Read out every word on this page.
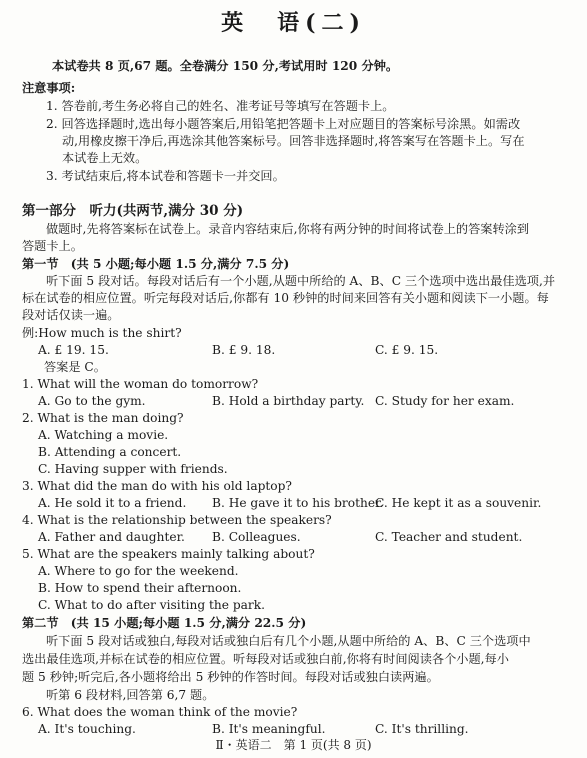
英　语(二)
本试卷共 8 页,67 题。全卷满分 150 分,考试用时 120 分钟。
注意事项:
1. 答卷前,考生务必将自己的姓名、准考证号等填写在答题卡上。
2. 回答选择题时,选出每小题答案后,用铅笔把答题卡上对应题目的答案标号涂黑。如需改
动,用橡皮擦干净后,再选涂其他答案标号。回答非选择题时,将答案写在答题卡上。写在
本试卷上无效。
3. 考试结束后,将本试卷和答题卡一并交回。
第一部分　听力(共两节,满分 30 分)
做题时,先将答案标在试卷上。录音内容结束后,你将有两分钟的时间将试卷上的答案转涂到
答题卡上。
第一节　(共 5 小题;每小题 1.5 分,满分 7.5 分)
听下面 5 段对话。每段对话后有一个小题,从题中所给的 A、B、C 三个选项中选出最佳选项,并
标在试卷的相应位置。听完每段对话后,你都有 10 秒钟的时间来回答有关小题和阅读下一小题。每
段对话仅读一遍。
例:How much is the shirt?
A. £ 19. 15.	B. £ 9. 18.	C. £ 9. 15.
答案是 C。
1. What will the woman do tomorrow?
A. Go to the gym.	B. Hold a birthday party. C. Study for her exam.
2. What is the man doing?
A. Watching a movie.
B. Attending a concert.
C. Having supper with friends.
3. What did the man do with his old laptop?
A. He sold it to a friend. B. He gave it to his brother.
C. He kept it as a souvenir.
4. What is the relationship between the speakers?
A. Father and daughter. B. Colleagues.	C. Teacher and student.
5. What are the speakers mainly talking about?
A. Where to go for the weekend.
B. How to spend their afternoon.
C. What to do after visiting the park.
第二节　(共 15 小题;每小题 1.5 分,满分 22.5 分)
听下面 5 段对话或独白,每段对话或独白后有几个小题,从题中所给的 A、B、C 三个选项中
选出最佳选项,并标在试卷的相应位置。听每段对话或独白前,你将有时间阅读各个小题,每小
题 5 秒钟;听完后,各小题将给出 5 秒钟的作答时间。每段对话或独白读两遍。
听第 6 段材料,回答第 6,7 题。
6. What does the woman think of the movie?
A. It's touching.	B. It's meaningful.	C. It's thrilling.
Ⅱ・英语二　第 1 页(共 8 页)
